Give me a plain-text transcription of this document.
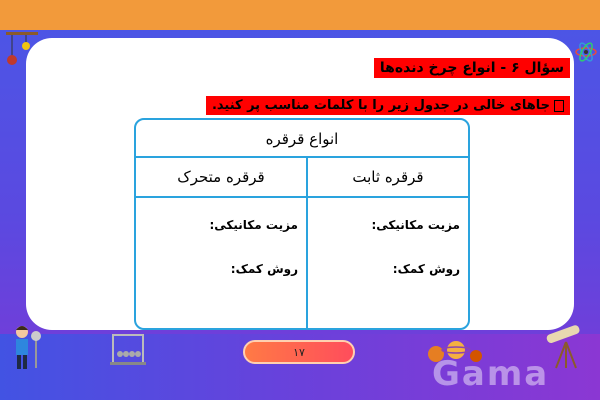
سؤال ۶ - انواع چرخ دنده‌ها
جاهای خالی در جدول زیر را با کلمات مناسب پر کنید.
انواع قرقره
قرقره ثابت
قرقره متحرک
مزیت مکانیکی:
روش کمک:
مزیت مکانیکی:
روش کمک:
۱۷
Gama
